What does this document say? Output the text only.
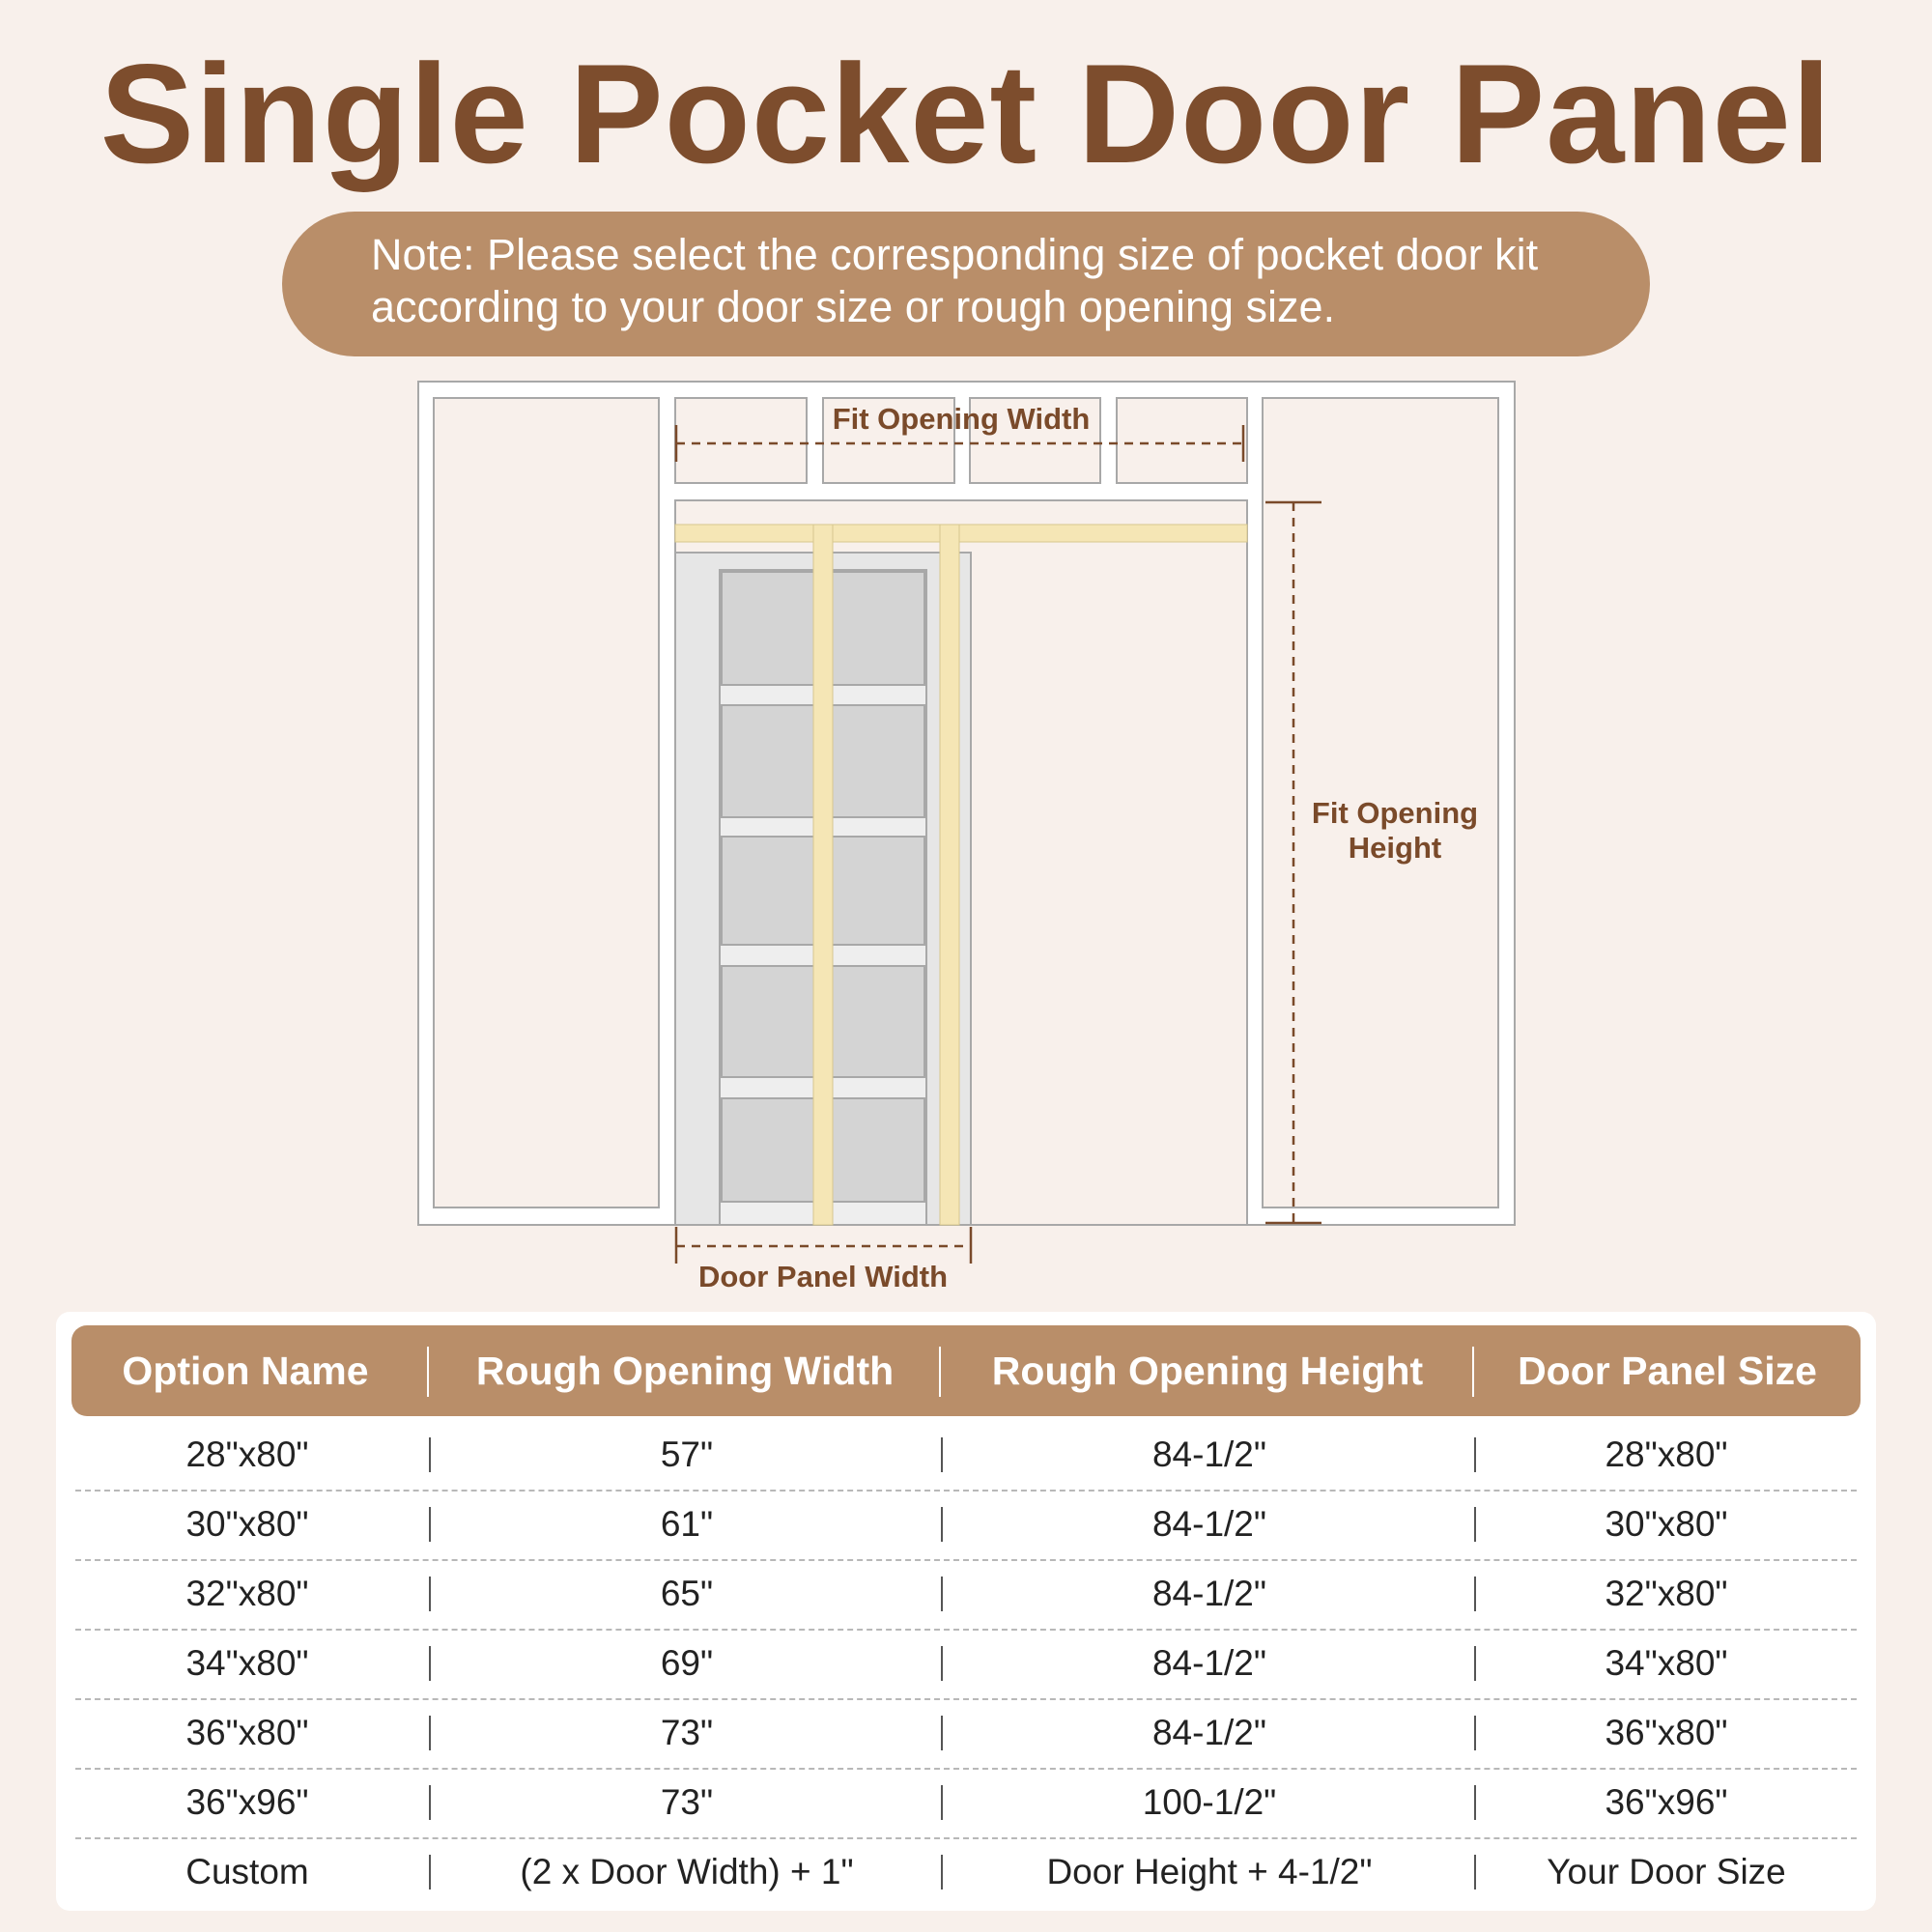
Single Pocket Door Panel
Note: Please select the corresponding size of pocket door kit according to your door size or rough opening size.
Fit Opening Width
Fit Opening
Height
Door Panel Width
Option Name	Rough Opening Width	Rough Opening Height	Door Panel Size
28"x80"	57"	84-1/2"	28"x80"
30"x80"	61"	84-1/2"	30"x80"
32"x80"	65"	84-1/2"	32"x80"
34"x80"	69"	84-1/2"	34"x80"
36"x80"	73"	84-1/2"	36"x80"
36"x96"	73"	100-1/2"	36"x96"
Custom	(2 x Door Width) + 1"	Door Height + 4-1/2"	Your Door Size
